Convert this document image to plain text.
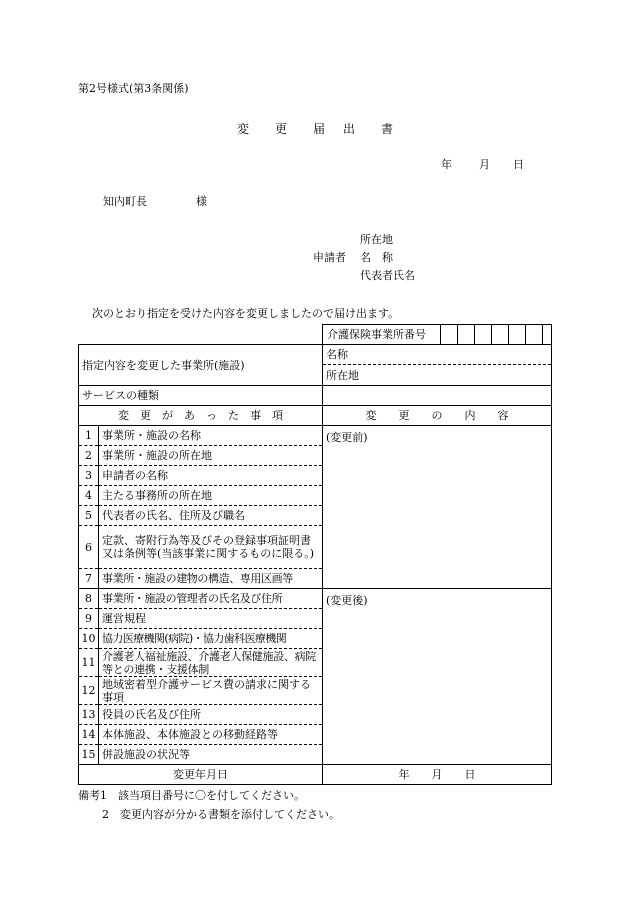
第2号様式(第3条関係)
変 更 届 出 書
年 月 日
知内町長	様
所在地
申請者 名　称
代表者氏名
次のとおり指定を受けた内容を変更しましたので届け出ます。
		介護保険事業所番号
指定内容を変更した事業所(施設)		名称
		所在地
サービスの種類		
変　更　が　あ　っ　た　事　項		変　　更　　の　　内　　容
1	事業所・施設の名称	(変更前)
2	事業所・施設の所在地	
3	申請者の名称	
4	主たる事務所の所在地	
5	代表者の氏名、住所及び職名	
6	定款、寄附行為等及びその登録事項証明書又は条例等(当該事業に関するものに限る。)	
7	事業所・施設の建物の構造、専用区画等	
8	事業所・施設の管理者の氏名及び住所	(変更後)
9	運営規程	
10	協力医療機関(病院)・協力歯科医療機関	
11	介護老人福祉施設、介護老人保健施設、病院等との連携・支援体制	
12	地域密着型介護サービス費の請求に関する事項	
13	役員の氏名及び住所	
14	本体施設、本体施設との移動経路等	
15	併設施設の状況等	
変更年月日		年　　月　　日
備考1　該当項目番号に〇を付してください。
2　変更内容が分かる書類を添付してください。
